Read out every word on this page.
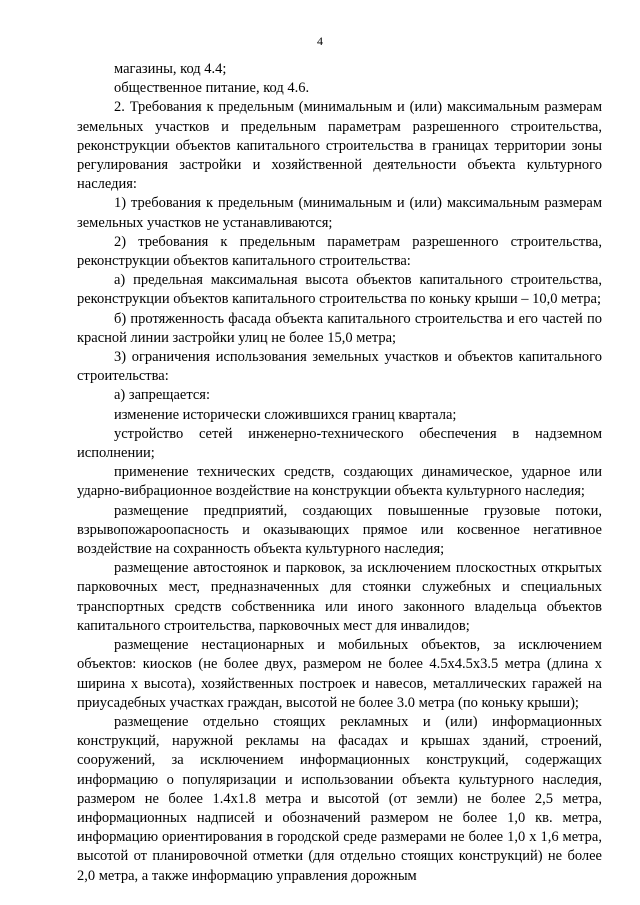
4

магазины, код 4.4;

общественное питание, код 4.6.

2. Требования к предельным (минимальным и (или) максимальным размерам земельных участков и предельным параметрам разрешенного строительства, реконструкции объектов капитального строительства в границах территории зоны регулирования застройки и хозяйственной деятельности объекта культурного наследия:

1) требования к предельным (минимальным и (или) максимальным размерам земельных участков не устанавливаются;

2) требования к предельным параметрам разрешенного строительства, реконструкции объектов капитального строительства:

а) предельная максимальная высота объектов капитального строительства, реконструкции объектов капитального строительства по коньку крыши – 10,0 метра;

б) протяженность фасада объекта капитального строительства и его частей по красной линии застройки улиц не более 15,0 метра;

3) ограничения использования земельных участков и объектов капитального строительства:

а) запрещается:

изменение исторически сложившихся границ квартала;

устройство сетей инженерно-технического обеспечения в надземном исполнении;

применение технических средств, создающих динамическое, ударное или ударно-вибрационное воздействие на конструкции объекта культурного наследия;

размещение предприятий, создающих повышенные грузовые потоки, взрывопожароопасность и оказывающих прямое или косвенное негативное воздействие на сохранность объекта культурного наследия;

размещение автостоянок и парковок, за исключением плоскостных открытых парковочных мест, предназначенных для стоянки служебных и специальных транспортных средств собственника или иного законного владельца объектов капитального строительства, парковочных мест для инвалидов;

размещение нестационарных и мобильных объектов, за исключением объектов: киосков (не более двух, размером не более 4.5х4.5х3.5 метра (длина х ширина х высота), хозяйственных построек и навесов, металлических гаражей на приусадебных участках граждан, высотой не более 3.0 метра (по коньку крыши);

размещение отдельно стоящих рекламных и (или) информационных конструкций, наружной рекламы на фасадах и крышах зданий, строений, сооружений, за исключением информационных конструкций, содержащих информацию о популяризации и использовании объекта культурного наследия, размером не более 1.4х1.8 метра и высотой (от земли) не более 2,5 метра, информационных надписей и обозначений размером не более 1,0 кв. метра, информацию ориентирования в городской среде размерами не более 1,0 х 1,6 метра, высотой от планировочной отметки (для отдельно стоящих конструкций) не более 2,0 метра, а также информацию управления дорожным
